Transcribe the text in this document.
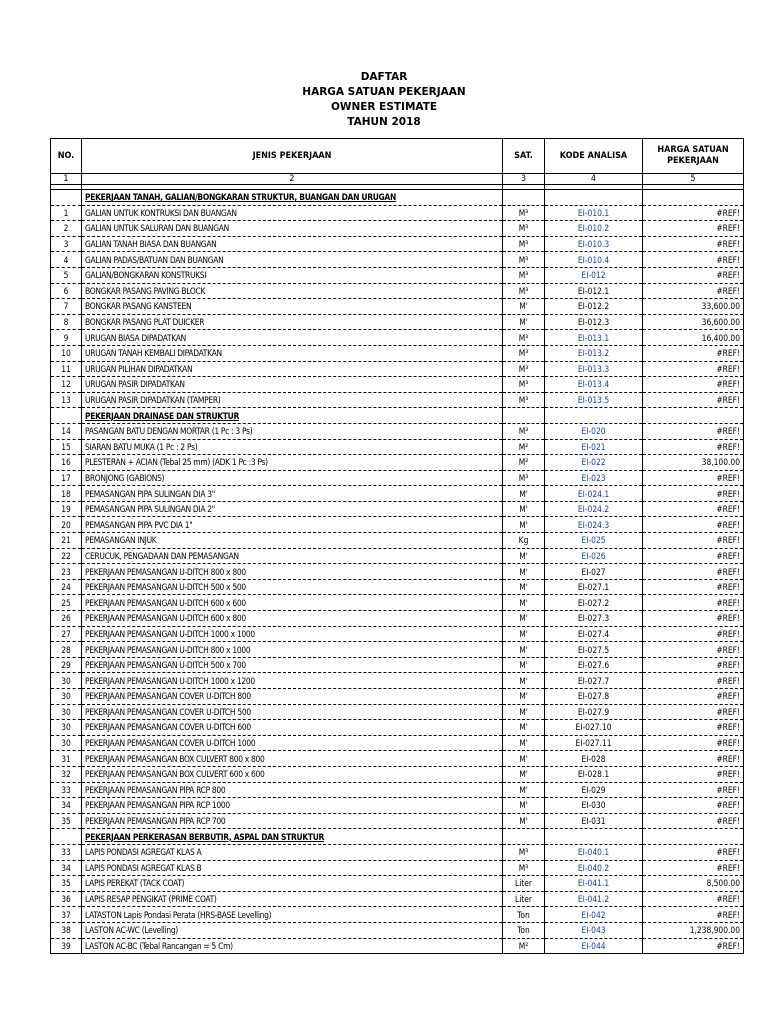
DAFTAR
HARGA SATUAN PEKERJAAN
OWNER ESTIMATE
TAHUN 2018
NO.	JENIS PEKERJAAN	SAT.	KODE ANALISA	HARGA SATUAN PEKERJAAN
1	2	3	4	5

	PEKERJAAN TANAH, GALIAN/BONGKARAN STRUKTUR, BUANGAN DAN URUGAN			
1	GALIAN UNTUK KONTRUKSI DAN BUANGAN	M³	EI-010.1	#REF!
2	GALIAN UNTUK SALURAN DAN BUANGAN	M³	EI-010.2	#REF!
3	GALIAN TANAH BIASA DAN BUANGAN	M³	EI-010.3	#REF!
4	GALIAN PADAS/BATUAN DAN BUANGAN	M³	EI-010.4	#REF!
5	GALIAN/BONGKARAN KONSTRUKSI	M³	EI-012	#REF!
6	BONGKAR PASANG PAVING BLOCK	M³	EI-012.1	#REF!
7	BONGKAR PASANG KANSTEEN	M'	EI-012.2	33,600.00
8	BONGKAR PASANG PLAT DUICKER	M'	EI-012.3	36,600.00
9	URUGAN BIASA DIPADATKAN	M³	EI-013.1	16,400.00
10	URUGAN TANAH KEMBALI DIPADATKAN	M³	EI-013.2	#REF!
11	URUGAN PILIHAN DIPADATKAN	M³	EI-013.3	#REF!
12	URUGAN PASIR DIPADATKAN	M³	EI-013.4	#REF!
13	URUGAN PASIR DIPADATKAN (TAMPER)	M³	EI-013.5	#REF!
	PEKERJAAN DRAINASE DAN STRUKTUR			
14	PASANGAN BATU DENGAN MORTAR (1 Pc : 3 Ps)	M³	EI-020	#REF!
15	SIARAN BATU MUKA (1 Pc : 2 Ps)	M²	EI-021	#REF!
16	PLESTERAN + ACIAN (Tebal 25 mm) (ADK 1 Pc :3 Ps)	M²	EI-022	38,100.00
17	BRONJONG (GABIONS)	M³	EI-023	#REF!
18	PEMASANGAN PIPA SULINGAN DIA 3"	M'	EI-024.1	#REF!
19	PEMASANGAN PIPA SULINGAN DIA 2"	M'	EI-024.2	#REF!
20	PEMASANGAN PIPA PVC DIA 1"	M'	EI-024.3	#REF!
21	PEMASANGAN INJUK	Kg	EI-025	#REF!
22	CERUCUK, PENGADAAN DAN PEMASANGAN	M'	EI-026	#REF!
23	PEKERJAAN PEMASANGAN U-DITCH 800 x 800	M'	EI-027	#REF!
24	PEKERJAAN PEMASANGAN U-DITCH 500 x 500	M'	EI-027.1	#REF!
25	PEKERJAAN PEMASANGAN U-DITCH 600 x 600	M'	EI-027.2	#REF!
26	PEKERJAAN PEMASANGAN U-DITCH 600 x 800	M'	EI-027.3	#REF!
27	PEKERJAAN PEMASANGAN U-DITCH 1000 x 1000	M'	EI-027.4	#REF!
28	PEKERJAAN PEMASANGAN U-DITCH 800 x 1000	M'	EI-027.5	#REF!
29	PEKERJAAN PEMASANGAN U-DITCH 500 x 700	M'	EI-027.6	#REF!
30	PEKERJAAN PEMASANGAN U-DITCH 1000 x 1200	M'	EI-027.7	#REF!
30	PEKERJAAN PEMASANGAN COVER U-DITCH 800	M'	EI-027.8	#REF!
30	PEKERJAAN PEMASANGAN COVER U-DITCH 500	M'	EI-027.9	#REF!
30	PEKERJAAN PEMASANGAN COVER U-DITCH 600	M'	EI-027.10	#REF!
30	PEKERJAAN PEMASANGAN COVER U-DITCH 1000	M'	EI-027.11	#REF!
31	PEKERJAAN PEMASANGAN BOX CULVERT 800 x 800	M'	EI-028	#REF!
32	PEKERJAAN PEMASANGAN BOX CULVERT 600 x 600	M'	EI-028.1	#REF!
33	PEKERJAAN PEMASANGAN PIPA RCP 800	M'	EI-029	#REF!
34	PEKERJAAN PEMASANGAN PIPA RCP 1000	M'	EI-030	#REF!
35	PEKERJAAN PEMASANGAN PIPA RCP 700	M'	EI-031	#REF!
	PEKERJAAN PERKERASAN BERBUTIR, ASPAL DAN STRUKTUR			
33	LAPIS PONDASI AGREGAT KLAS A	M³	EI-040.1	#REF!
34	LAPIS PONDASI AGREGAT KLAS B	M³	EI-040.2	#REF!
35	LAPIS PEREKAT (TACK COAT)	Liter	EI-041.1	8,500.00
36	LAPIS RESAP PENGIKAT (PRIME COAT)	Liter	EI-041.2	#REF!
37	LATASTON Lapis Pondasi Perata (HRS-BASE Levelling)	Ton	EI-042	#REF!
38	LASTON AC-WC (Levelling)	Ton	EI-043	1,238,900.00
39	LASTON AC-BC (Tebal Rancangan = 5 Cm)	M²	EI-044	#REF!
